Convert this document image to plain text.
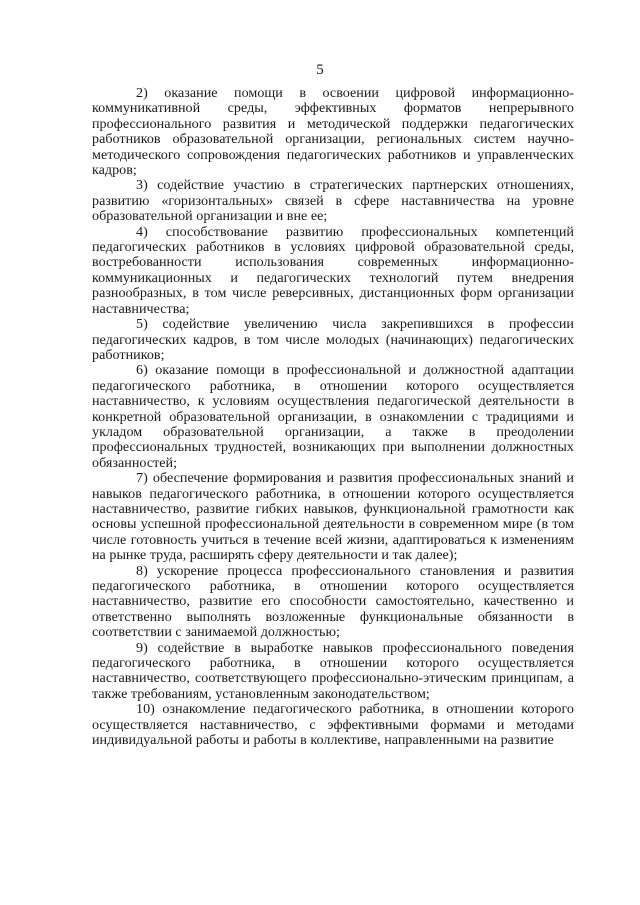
5

2) оказание помощи в освоении цифровой информационно-коммуникативной среды, эффективных форматов непрерывного профессионального развития и методической поддержки педагогических работников образовательной организации, региональных систем научно-методического сопровождения педагогических работников и управленческих кадров;

3) содействие участию в стратегических партнерских отношениях, развитию «горизонтальных» связей в сфере наставничества на уровне образовательной организации и вне ее;

4) способствование развитию профессиональных компетенций педагогических работников в условиях цифровой образовательной среды, востребованности использования современных информационно-коммуникационных и педагогических технологий путем внедрения разнообразных, в том числе реверсивных, дистанционных форм организации наставничества;

5) содействие увеличению числа закрепившихся в профессии педагогических кадров, в том числе молодых (начинающих) педагогических работников;

6) оказание помощи в профессиональной и должностной адаптации педагогического работника, в отношении которого осуществляется наставничество, к условиям осуществления педагогической деятельности в конкретной образовательной организации, в ознакомлении с традициями и укладом образовательной организации, а также в преодолении профессиональных трудностей, возникающих при выполнении должностных обязанностей;

7) обеспечение формирования и развития профессиональных знаний и навыков педагогического работника, в отношении которого осуществляется наставничество, развитие гибких навыков, функциональной грамотности как основы успешной профессиональной деятельности в современном мире (в том числе готовность учиться в течение всей жизни, адаптироваться к изменениям на рынке труда, расширять сферу деятельности и так далее);

8) ускорение процесса профессионального становления и развития педагогического работника, в отношении которого осуществляется наставничество, развитие его способности самостоятельно, качественно и ответственно выполнять возложенные функциональные обязанности в соответствии с занимаемой должностью;

9) содействие в выработке навыков профессионального поведения педагогического работника, в отношении которого осуществляется наставничество, соответствующего профессионально-этическим принципам, а также требованиям, установленным законодательством;

10) ознакомление педагогического работника, в отношении которого осуществляется наставничество, с эффективными формами и методами индивидуальной работы и работы в коллективе, направленными на развитие
